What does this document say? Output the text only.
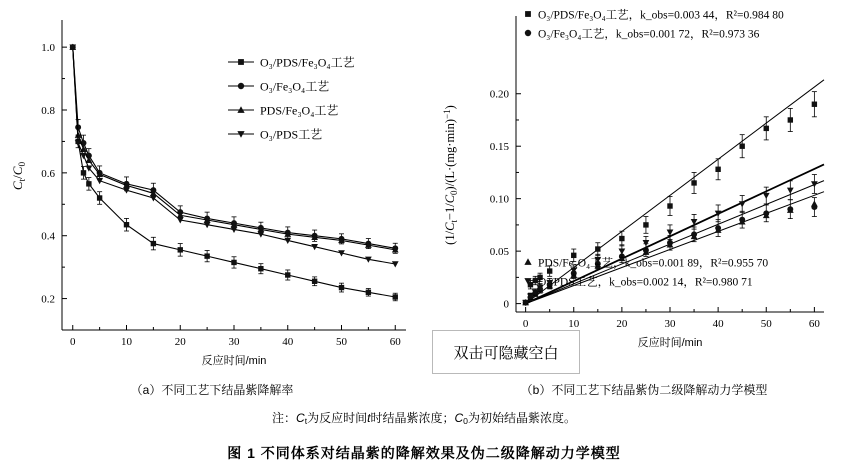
0	10	20	30	40	50	60
0.2
0.4
0.6
0.8
1.0
反应时间/min
Ct/C0
O₃/PDS/Fe₃O₄工艺
O₃/Fe₃O₄工艺
PDS/Fe₃O₄工艺
O₃/PDS工艺
0	10	20	30	40	50	60
0
0.05
0.10
0.15
0.20
反应时间/min
(1/Ct−1/C0)/(L·(mg·min)−1)
O₃/PDS/Fe₃O₄工艺，k_obs=0.003 44，R²=0.984 80
O₃/Fe₃O₄工艺，k_obs=0.001 72，R²=0.973 36
PDS/Fe₃O₄工艺，k_obs=0.001 89，R²=0.955 70
O₃/PDS工艺，k_obs=0.002 14，R²=0.980 71
双击可隐藏空白
（a）不同工艺下结晶紫降解率	（b）不同工艺下结晶紫伪二级降解动力学模型
注：$C_t$为反应时间t时结晶紫浓度；$C_0$为初始结晶紫浓度。
图 1 不同体系对结晶紫的降解效果及伪二级降解动力学模型
